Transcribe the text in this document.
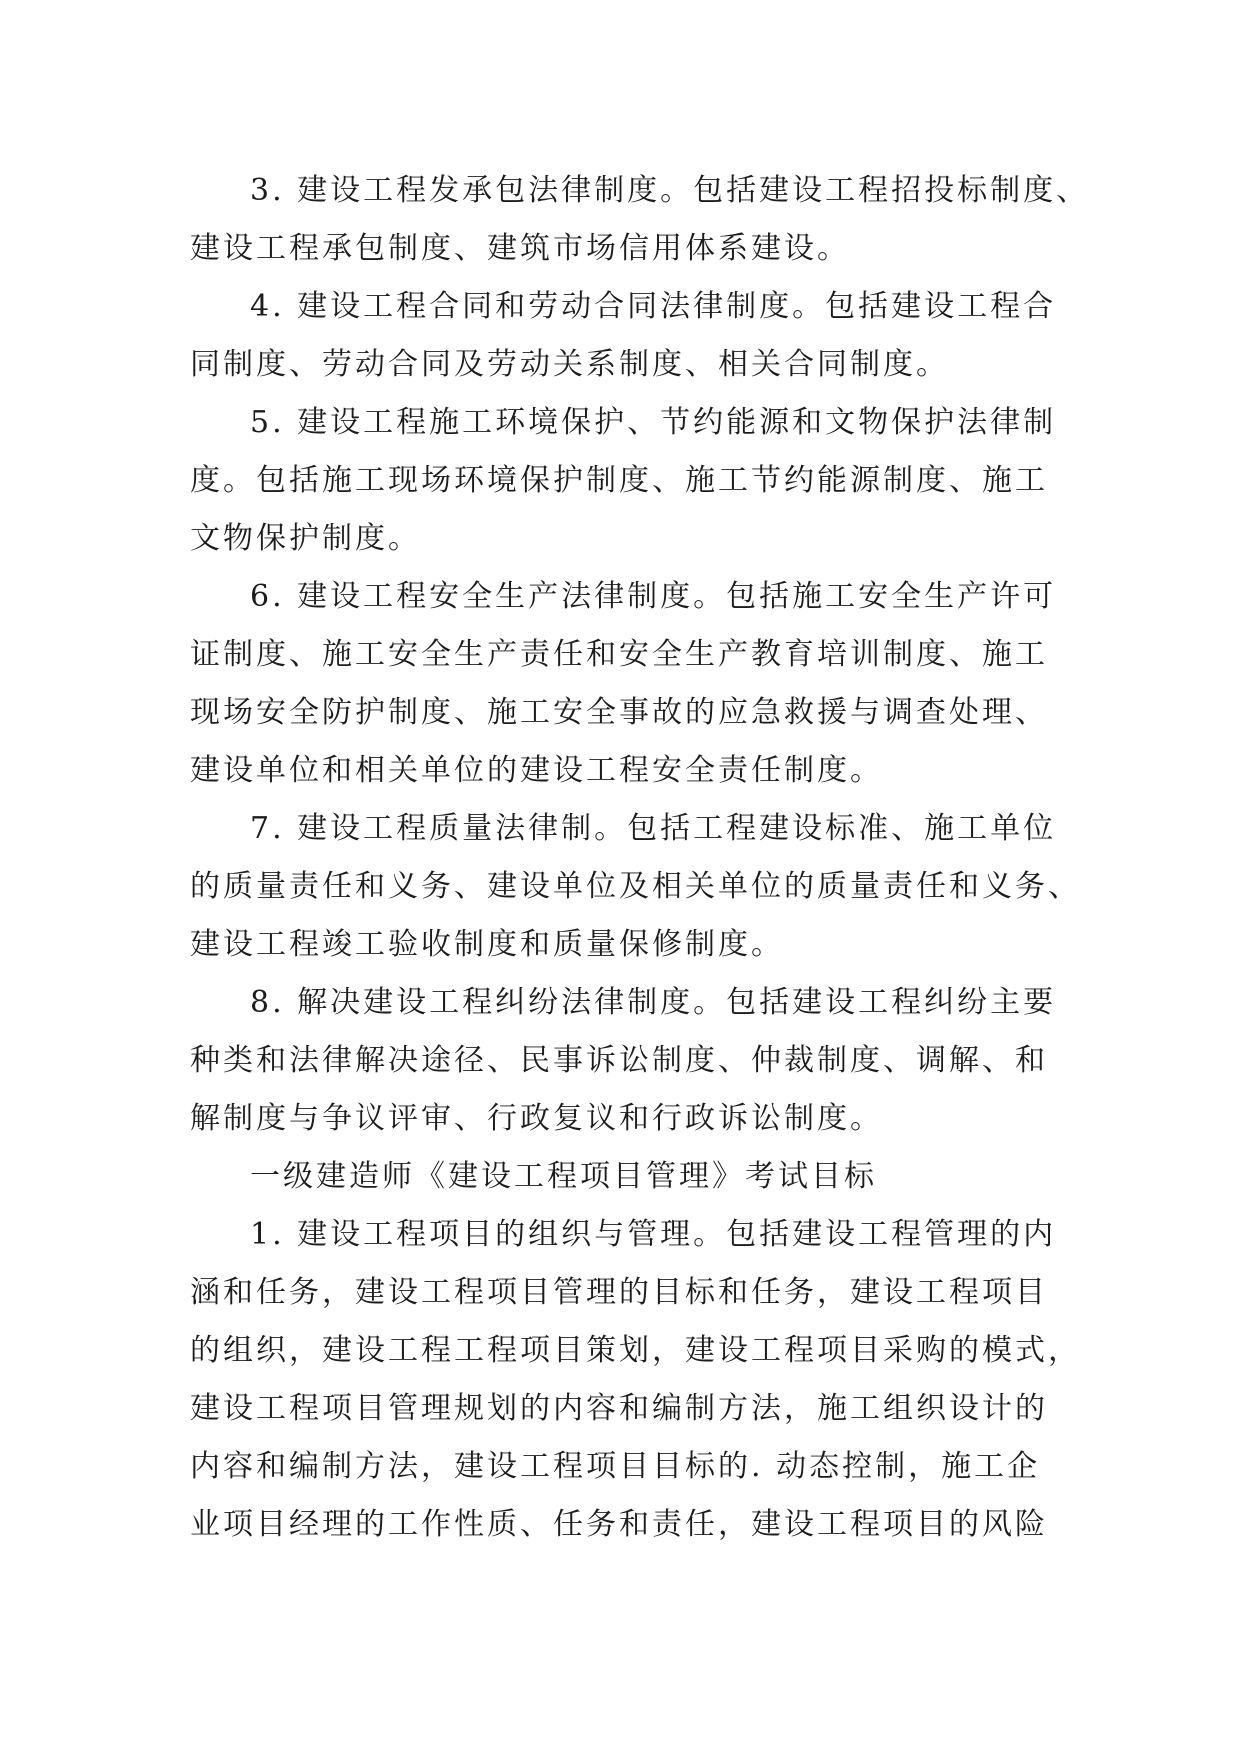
3. 建设工程发承包法律制度。包括建设工程招投标制度、
建设工程承包制度、建筑市场信用体系建设。
4. 建设工程合同和劳动合同法律制度。包括建设工程合
同制度、劳动合同及劳动关系制度、相关合同制度。
5. 建设工程施工环境保护、节约能源和文物保护法律制
度。包括施工现场环境保护制度、施工节约能源制度、施工
文物保护制度。
6. 建设工程安全生产法律制度。包括施工安全生产许可
证制度、施工安全生产责任和安全生产教育培训制度、施工
现场安全防护制度、施工安全事故的应急救援与调查处理、
建设单位和相关单位的建设工程安全责任制度。
7. 建设工程质量法律制。包括工程建设标准、施工单位
的质量责任和义务、建设单位及相关单位的质量责任和义务、
建设工程竣工验收制度和质量保修制度。
8. 解决建设工程纠纷法律制度。包括建设工程纠纷主要
种类和法律解决途径、民事诉讼制度、仲裁制度、调解、和
解制度与争议评审、行政复议和行政诉讼制度。
一级建造师《建设工程项目管理》考试目标
1. 建设工程项目的组织与管理。包括建设工程管理的内
涵和任务，建设工程项目管理的目标和任务，建设工程项目
的组织，建设工程工程项目策划，建设工程项目采购的模式，
建设工程项目管理规划的内容和编制方法，施工组织设计的
内容和编制方法，建设工程项目目标的. 动态控制，施工企
业项目经理的工作性质、任务和责任，建设工程项目的风险
